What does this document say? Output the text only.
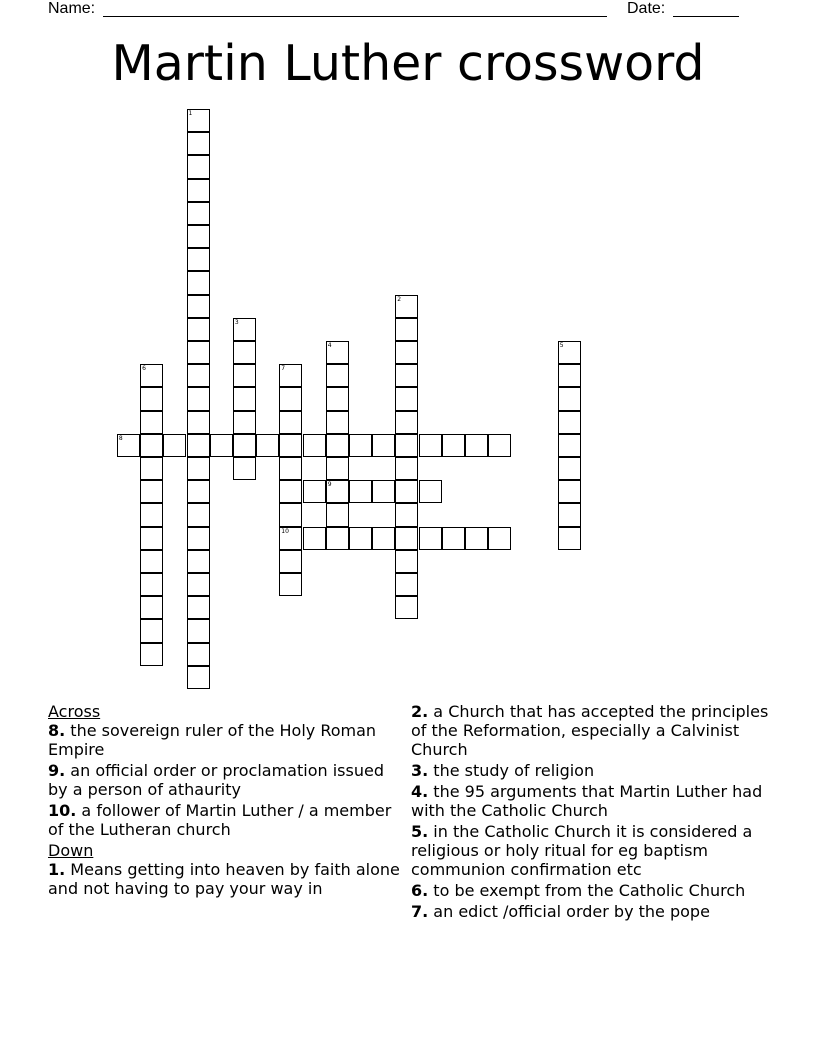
Name:	Date:
Martin Luther crossword
1
2
3
4
9
5
6	7
10
8
Across
8. the sovereign ruler of the Holy Roman Empire
9. an official order or proclamation issued by a person of athaurity
10. a follower of Martin Luther / a member of the Lutheran church
Down
1. Means getting into heaven by faith alone and not having to pay your way in
2. a Church that has accepted the principles of the Reformation, especially a Calvinist Church
3. the study of religion
4. the 95 arguments that Martin Luther had with the Catholic Church
5. in the Catholic Church it is considered a religious or holy ritual for eg baptism communion confirmation etc
6. to be exempt from the Catholic Church
7. an edict /official order by the pope
